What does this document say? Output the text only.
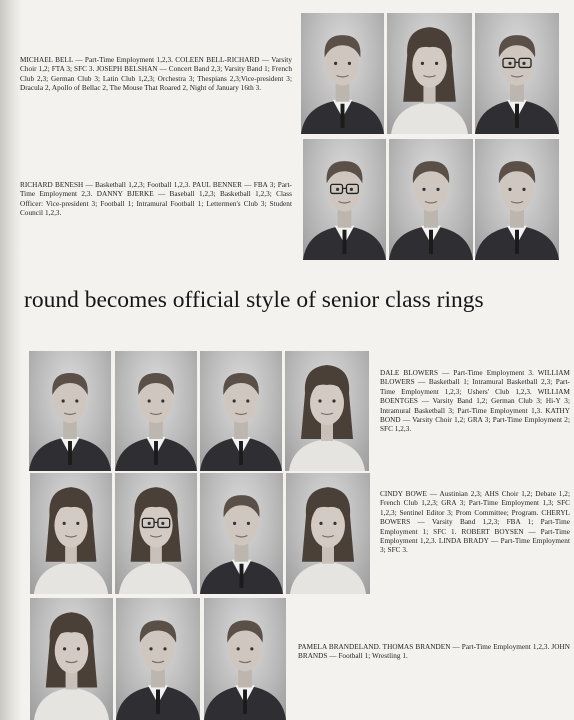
MICHAEL BELL — Part-Time Employment 1,2,3. COLEEN BELL-RICHARD — Varsity Choir 1,2; FTA 3; SFC 3. JOSEPH BELSHAN — Concert Band 2,3; Varsity Band 1; French Club 2,3; German Club 3; Latin Club 1,2,3; Orchestra 3; Thespians 2,3;Vice-president 3; Dracula 2, Apollo of Bellac 2, The Mouse That Roared 2, Night of January 16th 3.
RICHARD BENESH — Basketball 1,2,3; Football 1,2,3. PAUL BENNER — FBA 3; Part-Time Employment 2,3. DANNY BJERKE — Baseball 1,2,3; Basketball 1,2,3; Class Officer: Vice-president 3; Football 1; Intramural Football 1; Lettermen's Club 3; Student Council 1,2,3.
round becomes official style of senior class rings
DALE BLOWERS — Part-Time Employment 3. WILLIAM BLOWERS — Basketball 1; Intramural Basketball 2,3; Part-Time Employment 1,2,3; Ushers' Club 1,2,3. WILLIAM BOENTGES — Varsity Band 1,2; German Club 3; Hi-Y 3; Intramural Basketball 3; Part-Time Employment 1,3. KATHY BOND — Varsity Choir 1,2; GRA 3; Part-Time Employment 2; SFC 1,2,3.
CINDY BOWE — Austinian 2,3; AHS Choir 1,2; Debate 1,2; French Club 1,2,3; GRA 3; Part-Time Employment 1,3; SFC 1,2,3; Sentinel Editor 3; Prom Committee; Program. CHERYL BOWERS — Varsity Band 1,2,3; FBA 1; Part-Time Employment 1; SFC 1. ROBERT BOYSEN — Part-Time Employment 1,2,3. LINDA BRADY — Part-Time Employment 3; SFC 3.
PAMELA BRANDELAND. THOMAS BRANDEN — Part-Time Employment 1,2,3. JOHN BRANDS — Football 1; Wrestling 1.
